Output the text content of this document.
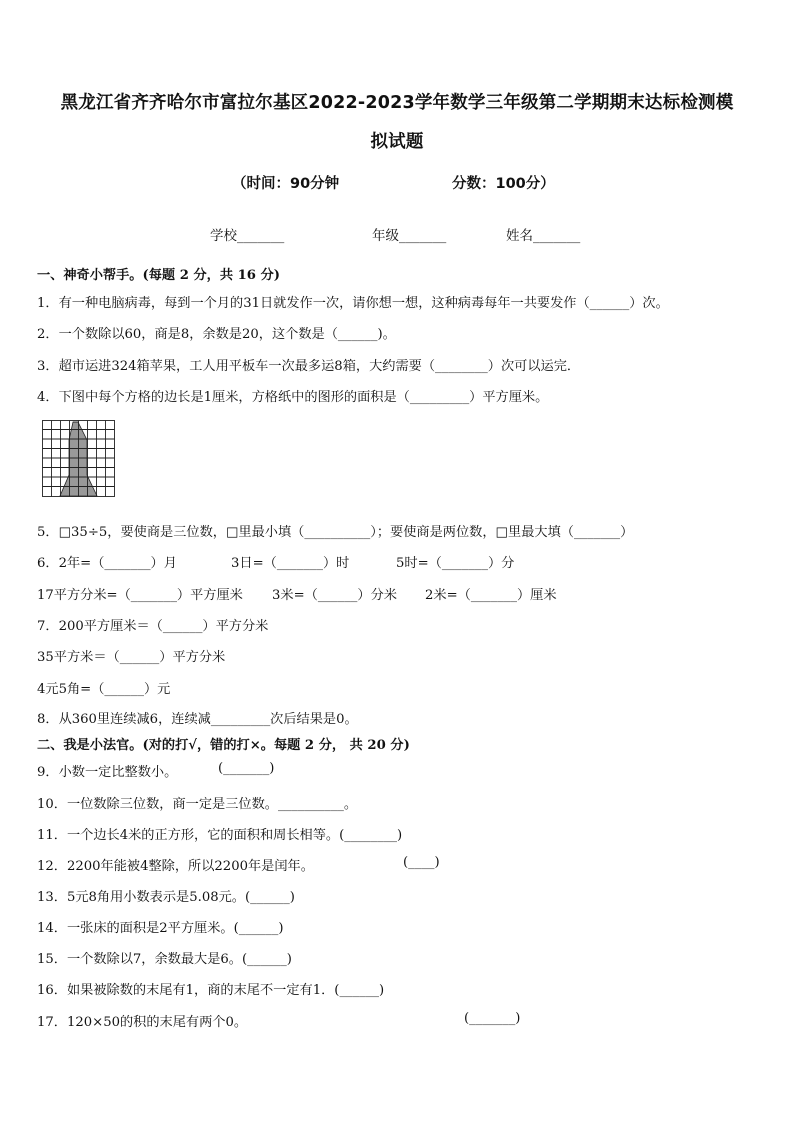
黑龙江省齐齐哈尔市富拉尔基区2022-2023学年数学三年级第二学期期末达标检测模
拟试题
（时间：90分钟	分数：100分）
学校_______	年级_______	姓名_______
一、神奇小帮手。(每题 2 分，共 16 分)
1．有一种电脑病毒，每到一个月的31日就发作一次，请你想一想，这种病毒每年一共要发作（______）次。
2．一个数除以60，商是8，余数是20，这个数是（______)。
3．超市运进324箱苹果，工人用平板车一次最多运8箱，大约需要（________）次可以运完．
4．下图中每个方格的边长是1厘米，方格纸中的图形的面积是（_________）平方厘米。
5．□35÷5，要使商是三位数，□里最小填（__________）；要使商是两位数，□里最大填（_______）
6．2年=（_______）月	3日=（_______）时	5时=（_______）分
17平方分米=（_______）平方厘米 3米=（______）分米 2米=（_______）厘米
7．200平方厘米＝（______）平方分米
35平方米＝（______）平方分米
4元5角=（______）元
8．从360里连续减6，连续减_________次后结果是0。
二、我是小法官。(对的打√，错的打×。每题 2 分， 共 20 分)
9．小数一定比整数小。	(_______)
10．一位数除三位数，商一定是三位数。__________。
11．一个边长4米的正方形，它的面积和周长相等。(________)
12．2200年能被4整除，所以2200年是闰年。	(____)
13．5元8角用小数表示是5.08元。(______)
14．一张床的面积是2平方厘米。(______)
15．一个数除以7，余数最大是6。(______)
16．如果被除数的末尾有1，商的末尾不一定有1．(______)
17．120×50的积的末尾有两个0。	(_______)
